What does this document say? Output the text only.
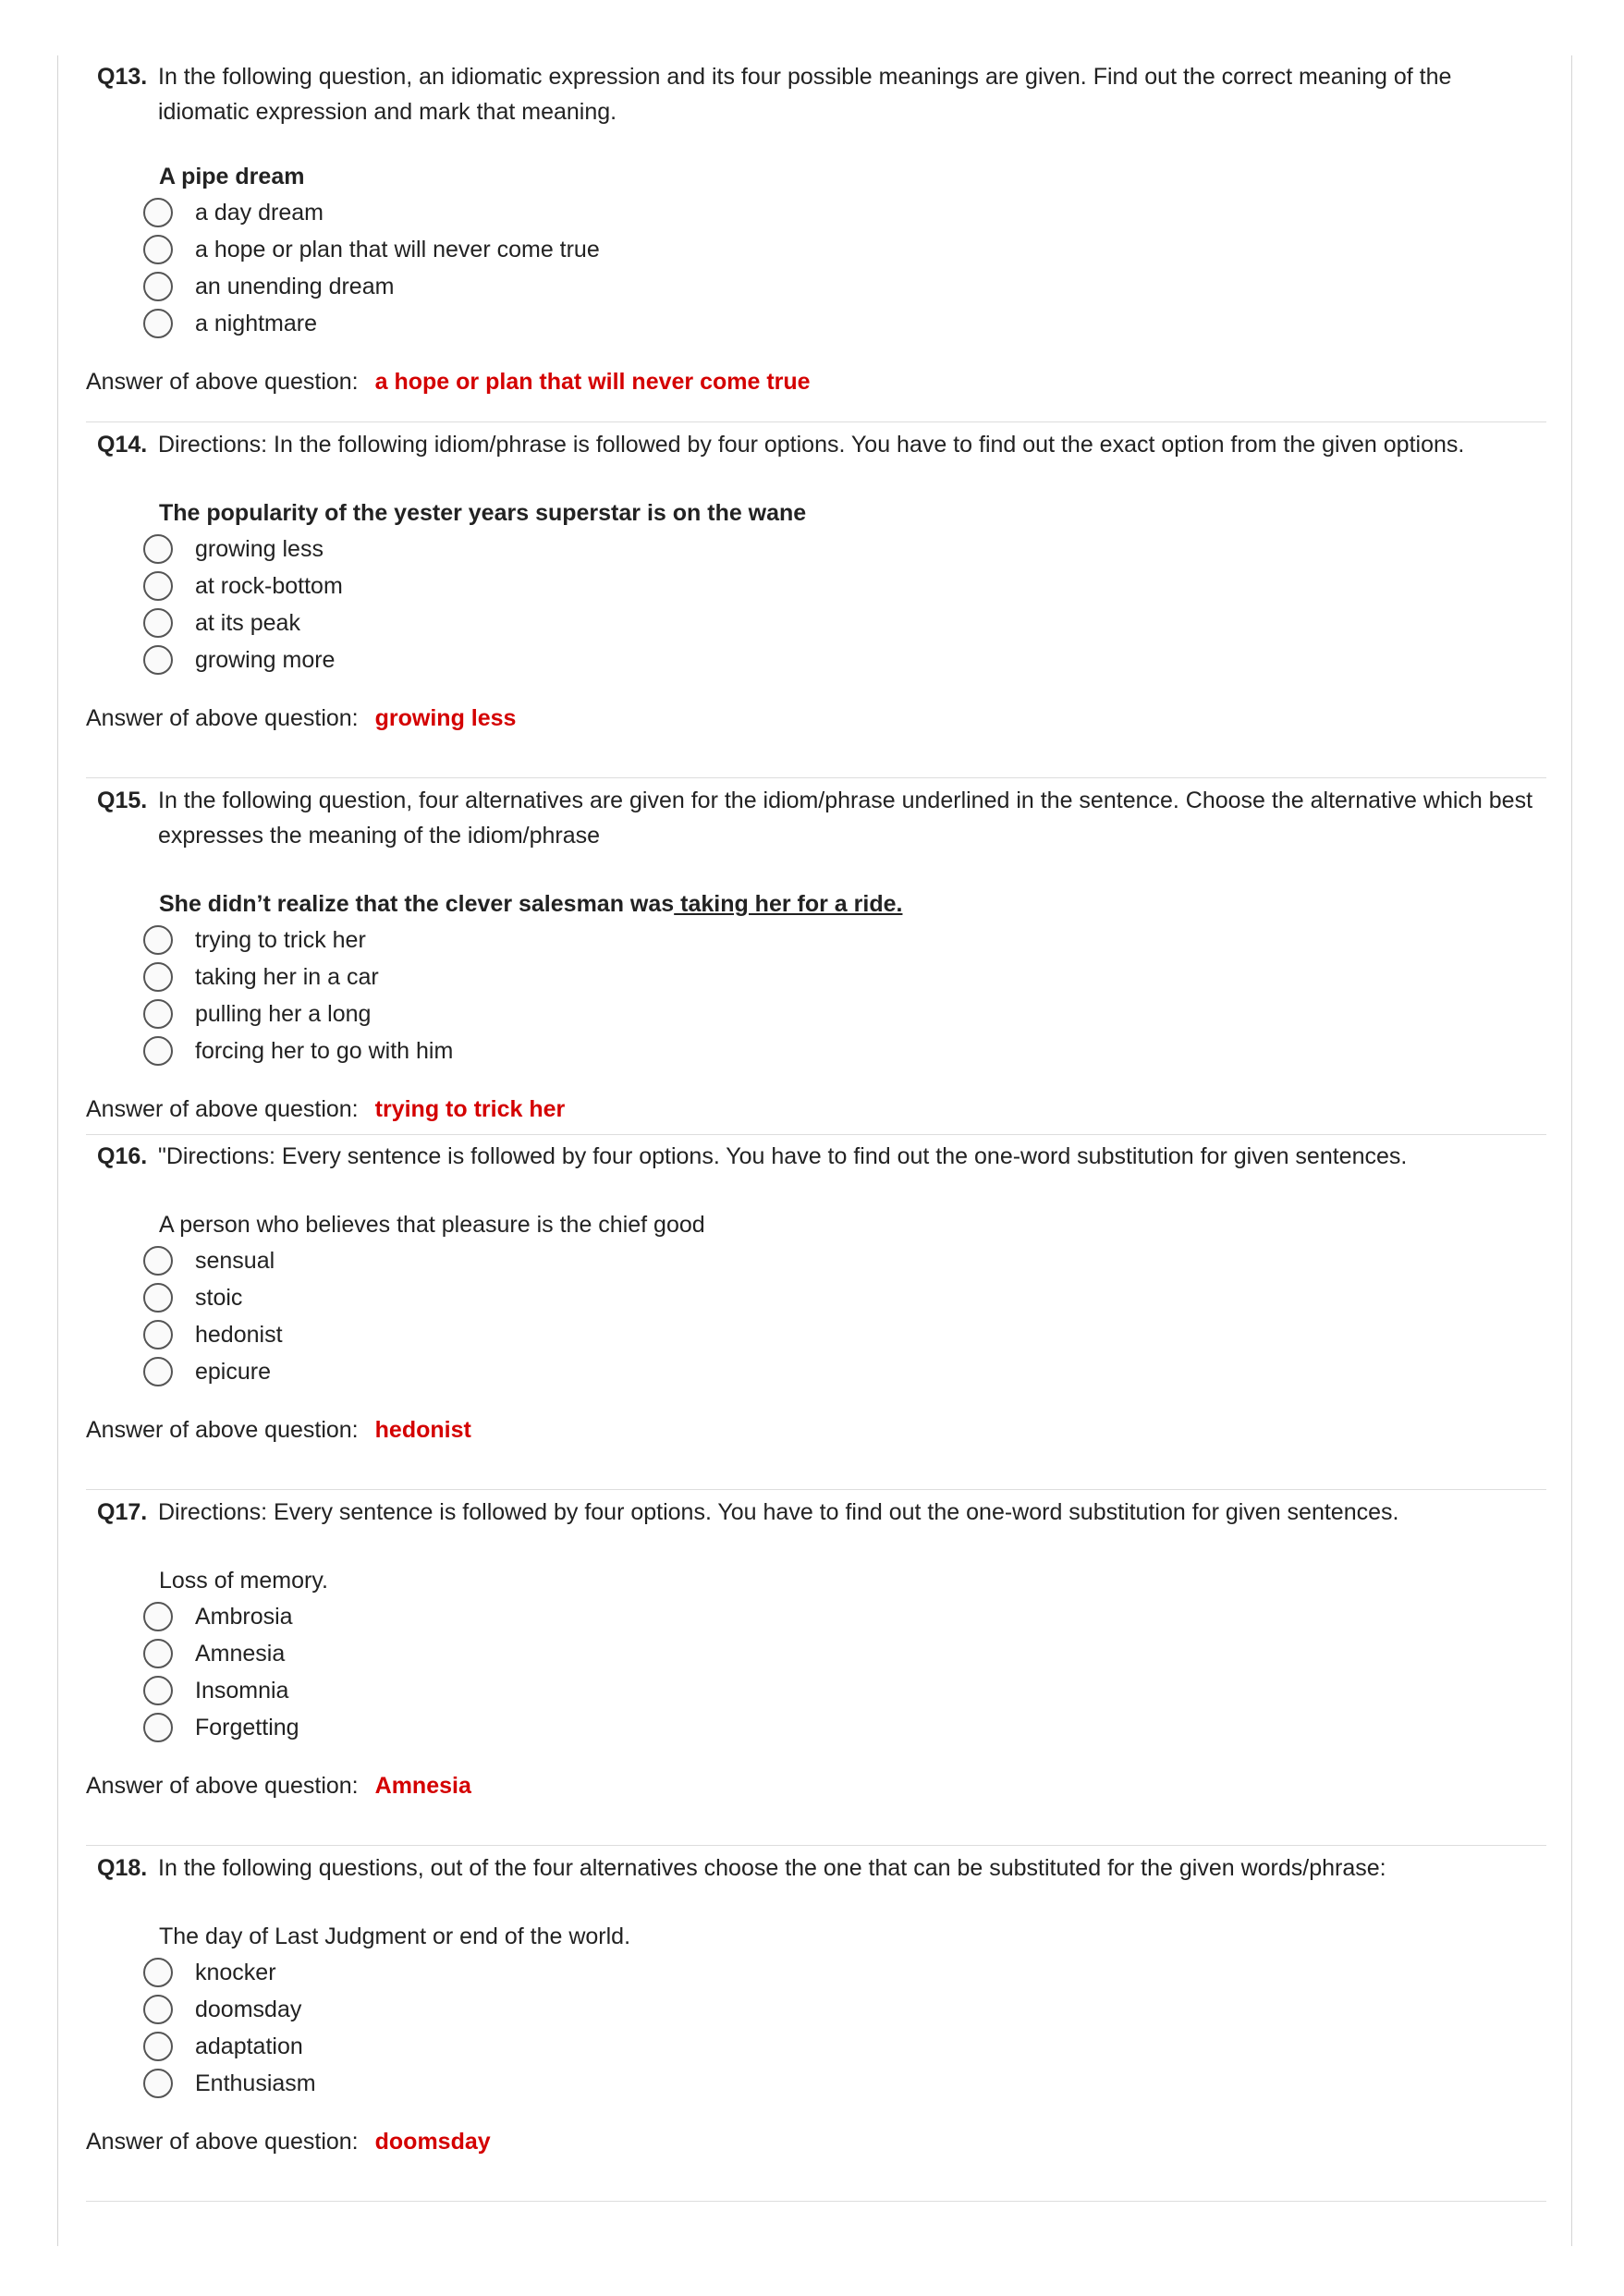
Q13. In the following question, an idiomatic expression and its four possible meanings are given. Find out the correct meaning of the idiomatic expression and mark that meaning.
A pipe dream
a day dream
a hope or plan that will never come true
an unending dream
a nightmare
Answer of above question: a hope or plan that will never come true
Q14. Directions: In the following idiom/phrase is followed by four options. You have to find out the exact option from the given options.
The popularity of the yester years superstar is on the wane
growing less
at rock-bottom
at its peak
growing more
Answer of above question: growing less
Q15. In the following question, four alternatives are given for the idiom/phrase underlined in the sentence. Choose the alternative which best expresses the meaning of the idiom/phrase
She didn’t realize that the clever salesman was taking her for a ride.
trying to trick her
taking her in a car
pulling her a long
forcing her to go with him
Answer of above question: trying to trick her
Q16. "Directions: Every sentence is followed by four options. You have to find out the one-word substitution for given sentences.
A person who believes that pleasure is the chief good
sensual
stoic
hedonist
epicure
Answer of above question: hedonist
Q17. Directions: Every sentence is followed by four options. You have to find out the one-word substitution for given sentences.
Loss of memory.
Ambrosia
Amnesia
Insomnia
Forgetting
Answer of above question: Amnesia
Q18. In the following questions, out of the four alternatives choose the one that can be substituted for the given words/phrase:
The day of Last Judgment or end of the world.
knocker
doomsday
adaptation
Enthusiasm
Answer of above question: doomsday
